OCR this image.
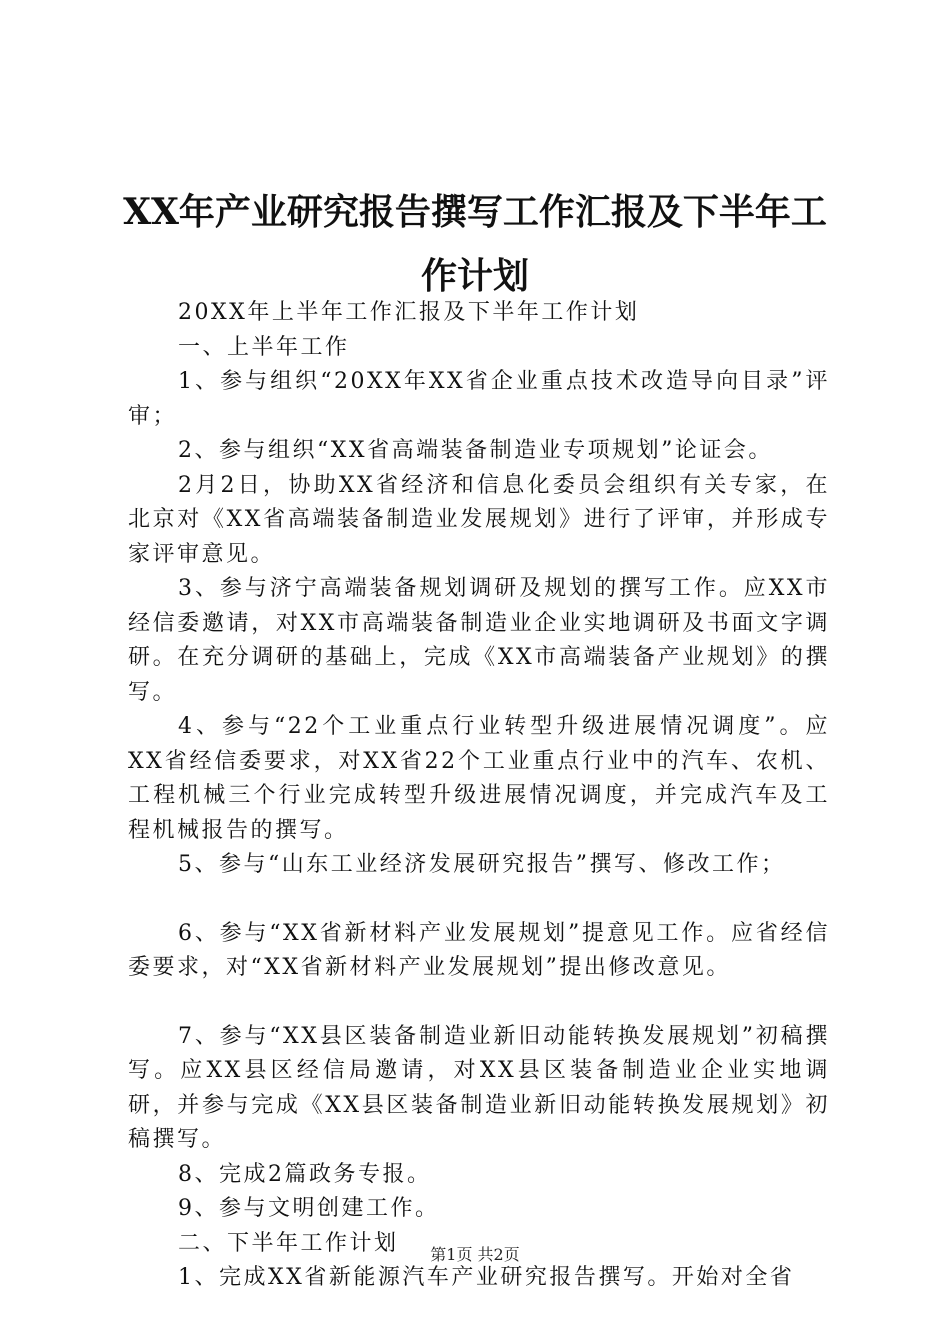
XX年产业研究报告撰写工作汇报及下半年工作计划

20XX年上半年工作汇报及下半年工作计划

一、上半年工作

1、参与组织“20XX年XX省企业重点技术改造导向目录”评审；

2、参与组织“XX省高端装备制造业专项规划”论证会。

2月2日，协助XX省经济和信息化委员会组织有关专家，在北京对《XX省高端装备制造业发展规划》进行了评审，并形成专家评审意见。

3、参与济宁高端装备规划调研及规划的撰写工作。应XX市经信委邀请，对XX市高端装备制造业企业实地调研及书面文字调研。在充分调研的基础上，完成《XX市高端装备产业规划》的撰写。

4、参与“22个工业重点行业转型升级进展情况调度”。应XX省经信委要求，对XX省22个工业重点行业中的汽车、农机、工程机械三个行业完成转型升级进展情况调度，并完成汽车及工程机械报告的撰写。

5、参与“山东工业经济发展研究报告”撰写、修改工作；

6、参与“XX省新材料产业发展规划”提意见工作。应省经信委要求，对“XX省新材料产业发展规划”提出修改意见。

7、参与“XX县区装备制造业新旧动能转换发展规划”初稿撰写。应XX县区经信局邀请，对XX县区装备制造业企业实地调研，并参与完成《XX县区装备制造业新旧动能转换发展规划》初稿撰写。

8、完成2篇政务专报。

9、参与文明创建工作。

二、下半年工作计划

1、完成XX省新能源汽车产业研究报告撰写。开始对全省

第1页 共2页
